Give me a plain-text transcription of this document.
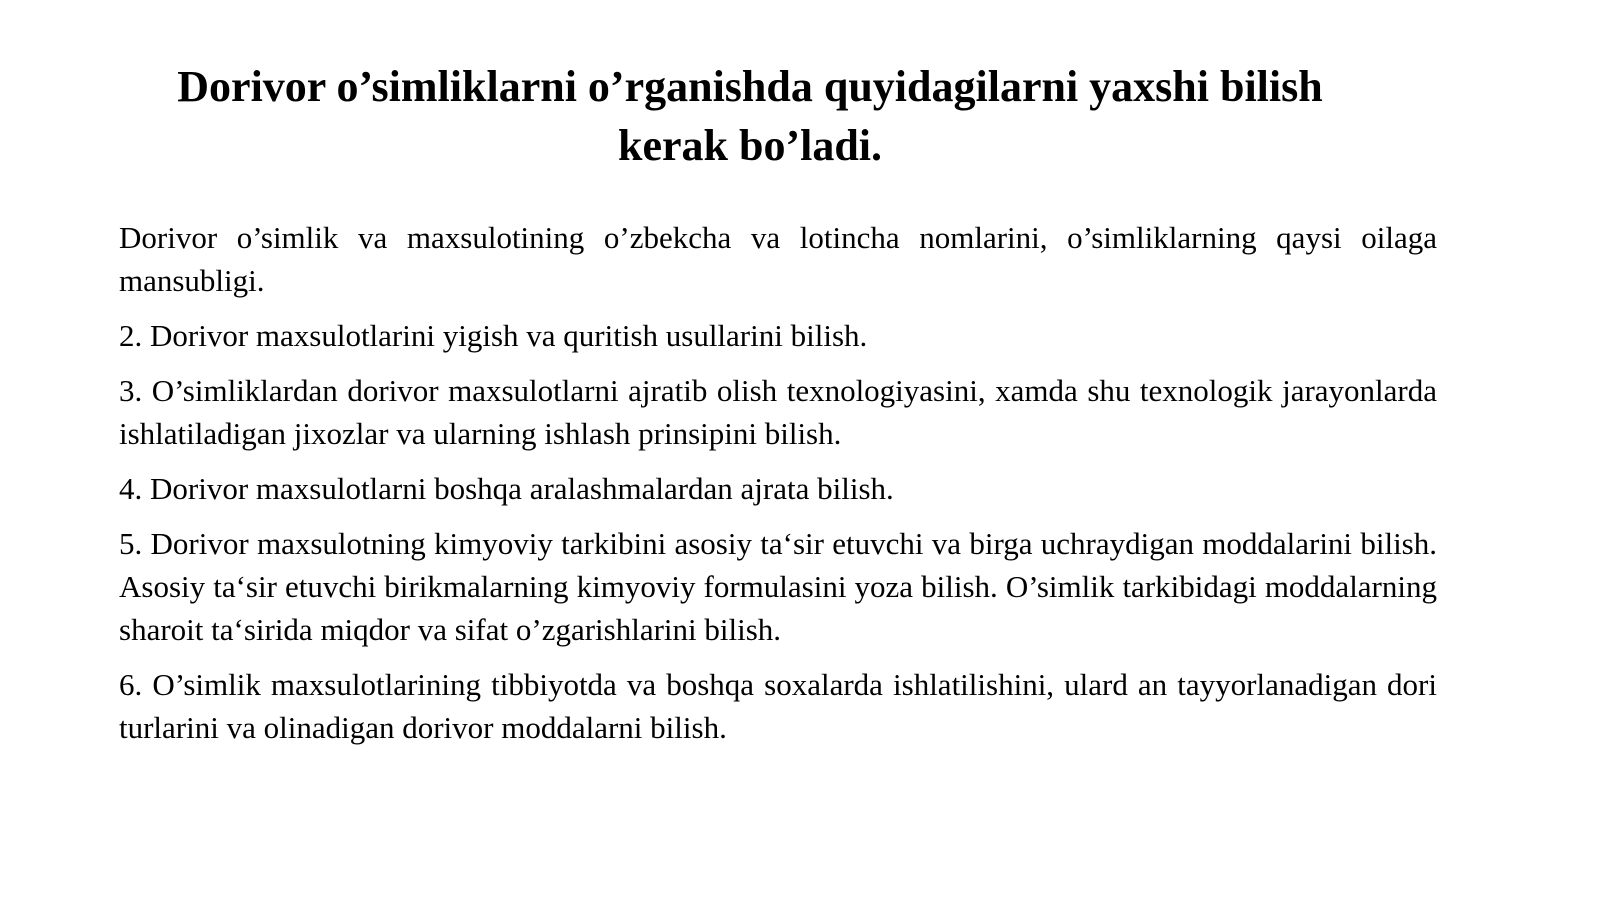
Dorivor o’simliklarni o’rganishda quyidagilarni yaxshi bilish kerak bo’ladi.

Dorivor o’simlik va maxsulotining o’zbekcha va lotincha nomlarini, o’simliklarning qaysi oilaga mansubligi.

2. Dorivor maxsulotlarini yigish va quritish usullarini bilish.

3. O’simliklardan dorivor maxsulotlarni ajratib olish texnologiyasini, xamda shu texnologik jarayonlarda ishlatiladigan jixozlar va ularning ishlash prinsipini bilish.

4. Dorivor maxsulotlarni boshqa aralashmalardan ajrata bilish.

5. Dorivor maxsulotning kimyoviy tarkibini asosiy ta‘sir etuvchi va birga uchraydigan moddalarini bilish. Asosiy ta‘sir etuvchi birikmalarning kimyoviy formulasini yoza bilish. O’simlik tarkibidagi moddalarning sharoit ta‘sirida miqdor va sifat o’zgarishlarini bilish.

6. O’simlik maxsulotlarining tibbiyotda va boshqa soxalarda ishlatilishini, ulard an tayyorlanadigan dori turlarini va olinadigan dorivor moddalarni bilish.
